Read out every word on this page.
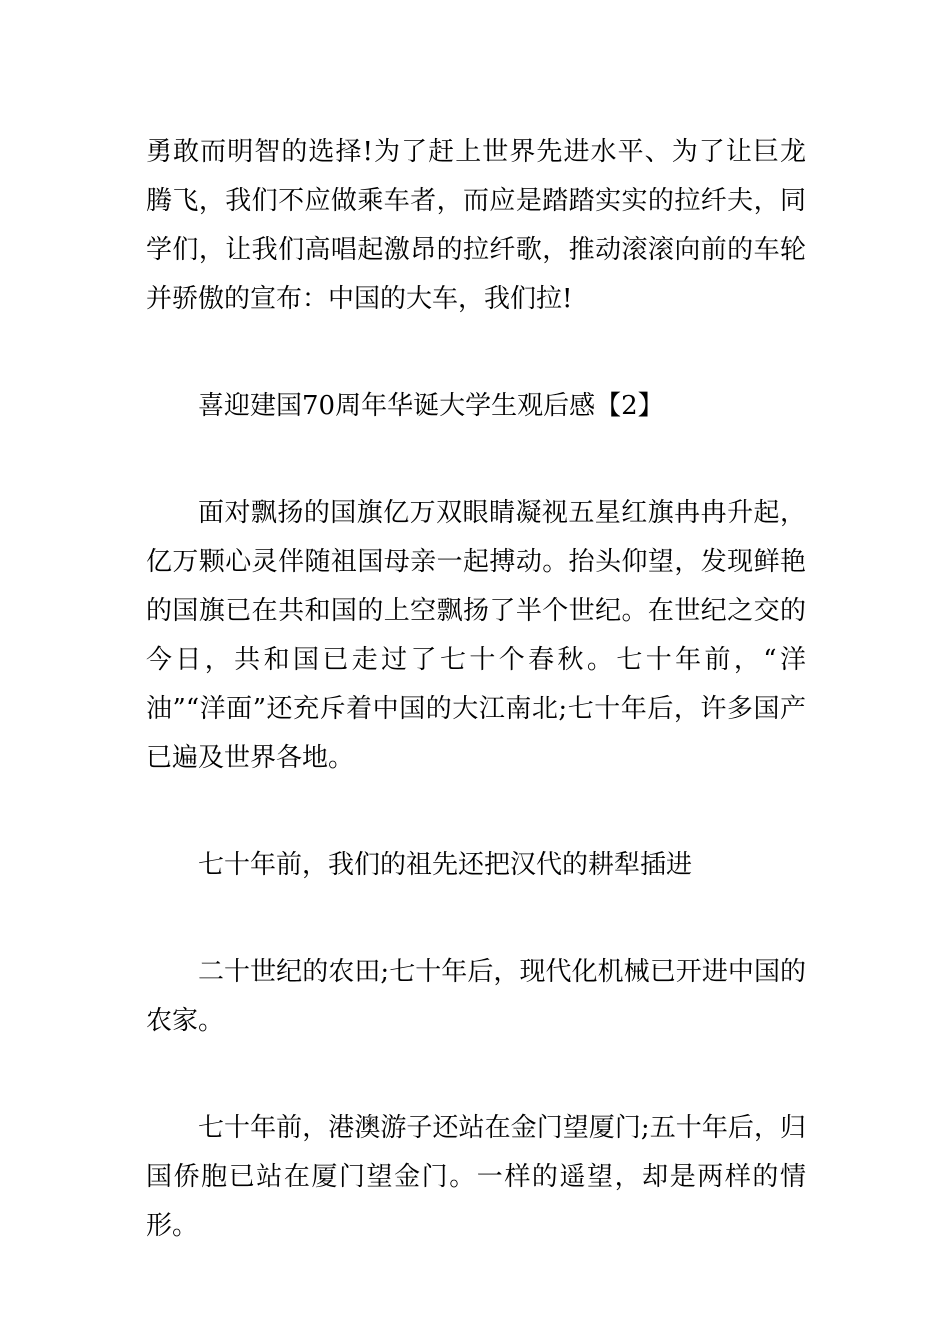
勇敢而明智的选择!为了赶上世界先进水平、为了让巨龙腾飞，我们不应做乘车者，而应是踏踏实实的拉纤夫，同学们，让我们高唱起激昂的拉纤歌，推动滚滚向前的车轮并骄傲的宣布：中国的大车，我们拉!

喜迎建国70周年华诞大学生观后感【2】

面对飘扬的国旗亿万双眼睛凝视五星红旗冉冉升起，亿万颗心灵伴随祖国母亲一起搏动。抬头仰望，发现鲜艳的国旗已在共和国的上空飘扬了半个世纪。在世纪之交的今日，共和国已走过了七十个春秋。七十年前，“洋油”“洋面”还充斥着中国的大江南北;七十年后，许多国产已遍及世界各地。

七十年前，我们的祖先还把汉代的耕犁插进

二十世纪的农田;七十年后，现代化机械已开进中国的农家。

七十年前，港澳游子还站在金门望厦门;五十年后，归国侨胞已站在厦门望金门。一样的遥望，却是两样的情形。
